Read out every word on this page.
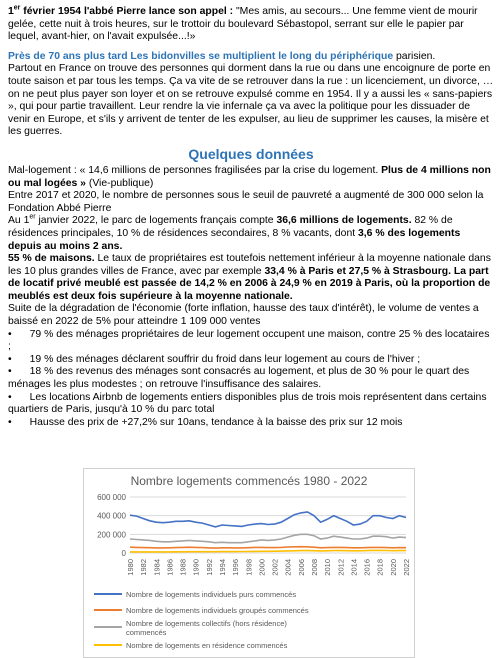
1er février 1954 l'abbé Pierre lance son appel : "Mes amis, au secours... Une femme vient de mourir gelée, cette nuit à trois heures, sur le trottoir du boulevard Sébastopol, serrant sur elle le papier par lequel, avant-hier, on l'avait expulsée...!»

Près de 70 ans plus tard Les bidonvilles se multiplient le long du périphérique parisien.

Partout en France on trouve des personnes qui dorment dans la rue ou dans une encoignure de porte en toute saison et par tous les temps. Ça va vite de se retrouver dans la rue : un licenciement, un divorce, … on ne peut plus payer son loyer et on se retrouve expulsé comme en 1954. Il y a aussi les « sans-papiers », qui pour partie travaillent. Leur rendre la vie infernale ça va avec la politique pour les dissuader de venir en Europe, et s'ils y arrivent de tenter de les expulser, au lieu de supprimer les causes, la misère et les guerres.

Quelques données

Mal-logement : « 14,6 millions de personnes fragilisées par la crise du logement. Plus de 4 millions non ou mal logées » (Vie-publique)

Entre 2017 et 2020, le nombre de personnes sous le seuil de pauvreté a augmenté de 300 000 selon la Fondation Abbé Pierre

Au 1er janvier 2022, le parc de logements français compte 36,6 millions de logements. 82 % de résidences principales, 10 % de résidences secondaires, 8 % vacants, dont 3,6 % des logements depuis au moins 2 ans.

55 % de maisons. Le taux de propriétaires est toutefois nettement inférieur à la moyenne nationale dans les 10 plus grandes villes de France, avec par exemple 33,4 % à Paris et 27,5 % à Strasbourg. La part de locatif privé meublé est passée de 14,2 % en 2006 à 24,9 % en 2019 à Paris, où la proportion de meublés est deux fois supérieure à la moyenne nationale.

Suite de la dégradation de l'économie (forte inflation, hausse des taux d'intérêt), le volume de ventes a baissé en 2022 de 5% pour atteindre 1 109 000 ventes

• 79 % des ménages propriétaires de leur logement occupent une maison, contre 25 % des locataires ;

• 19 % des ménages déclarent souffrir du froid dans leur logement au cours de l'hiver ;

• 18 % des revenus des ménages sont consacrés au logement, et plus de 30 % pour le quart des ménages les plus modestes ; on retrouve l'insuffisance des salaires.

• Les locations Airbnb de logements entiers disponibles plus de trois mois représentent dans certains quartiers de Paris, jusqu'à 10 % du parc total

• Hausse des prix de +27,2% sur 10ans, tendance à la baisse des prix sur 12 mois

Nombre logements commencés 1980 - 2022
0
200 000
400 000
600 000
1980 1982 1984 1986 1988 1990 1992 1994 1996 1998 2000 2002 2004 2006 2008 2010 2012 2014 2016 2018 2020 2022
Nombre de logements individuels purs commencés
Nombre de logements individuels groupés commencés
Nombre de logements collectifs (hors résidence) commencés
Nombre de logements en résidence commencés
